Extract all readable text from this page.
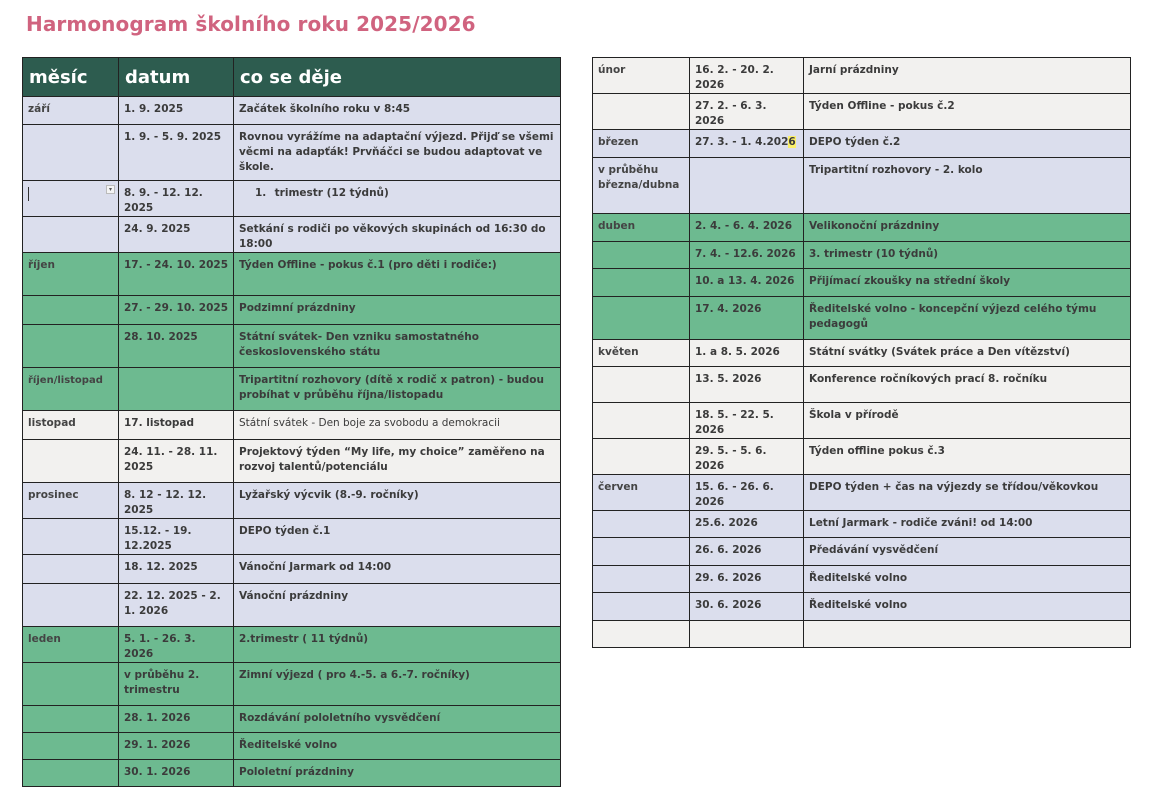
Harmonogram školního roku 2025/2026
měsíc	datum	co se děje
září	1. 9. 2025	Začátek školního roku v 8:45
	1. 9. - 5. 9. 2025	Rovnou vyrážíme na adaptační výjezd. Přijď se všemi věcmi na adapťák! Prvňáčci se budou adaptovat ve škole.

▾	8. 9. - 12. 12. 2025	1. trimestr (12 týdnů)
	24. 9. 2025	Setkání s rodiči po věkových skupinách od 16:30 do 18:00
říjen	17. - 24. 10. 2025	Týden Offline - pokus č.1 (pro děti i rodiče:)
	27. - 29. 10. 2025	Podzimní prázdniny
	28. 10. 2025	Státní svátek- Den vzniku samostatného československého státu
říjen/listopad		Tripartitní rozhovory (dítě x rodič x patron) - budou probíhat v průběhu října/listopadu
listopad	17. listopad	Státní svátek - Den boje za svobodu a demokracii
	24. 11. - 28. 11. 2025	Projektový týden “My life, my choice” zaměřeno na rozvoj talentů/potenciálu
prosinec	8. 12 - 12. 12. 2025	Lyžařský výcvik (8.-9. ročníky)
	15.12. - 19. 12.2025	DEPO týden č.1
	18. 12. 2025	Vánoční Jarmark od 14:00
	22. 12. 2025 - 2. 1. 2026	Vánoční prázdniny
leden	5. 1. - 26. 3. 2026	2.trimestr ( 11 týdnů)
	v průběhu 2. trimestru	Zimní výjezd ( pro 4.-5. a 6.-7. ročníky)
	28. 1. 2026	Rozdávání pololetního vysvědčení
	29. 1. 2026	Ředitelské volno
	30. 1. 2026	Pololetní prázdniny
únor	16. 2. - 20. 2. 2026	Jarní prázdniny
	27. 2. - 6. 3. 2026	Týden Offline - pokus č.2
březen	27. 3. - 1. 4.2026	DEPO týden č.2
v průběhu března/dubna		Tripartitní rozhovory - 2. kolo
duben	2. 4. - 6. 4. 2026	Velikonoční prázdniny
	7. 4. - 12.6. 2026	3. trimestr (10 týdnů)
	10. a 13. 4. 2026	Přijímací zkoušky na střední školy
	17. 4. 2026	Ředitelské volno - koncepční výjezd celého týmu pedagogů
květen	1. a 8. 5. 2026	Státní svátky (Svátek práce a Den vítězství)
	13. 5. 2026	Konference ročníkových prací 8. ročníku
	18. 5. - 22. 5. 2026	Škola v přírodě
	29. 5. - 5. 6. 2026	Týden offline pokus č.3
červen	15. 6. - 26. 6. 2026	DEPO týden + čas na výjezdy se třídou/věkovkou
	25.6. 2026	Letní Jarmark - rodiče zváni! od 14:00
	26. 6. 2026	Předávání vysvědčení
	29. 6. 2026	Ředitelské volno
	30. 6. 2026	Ředitelské volno
